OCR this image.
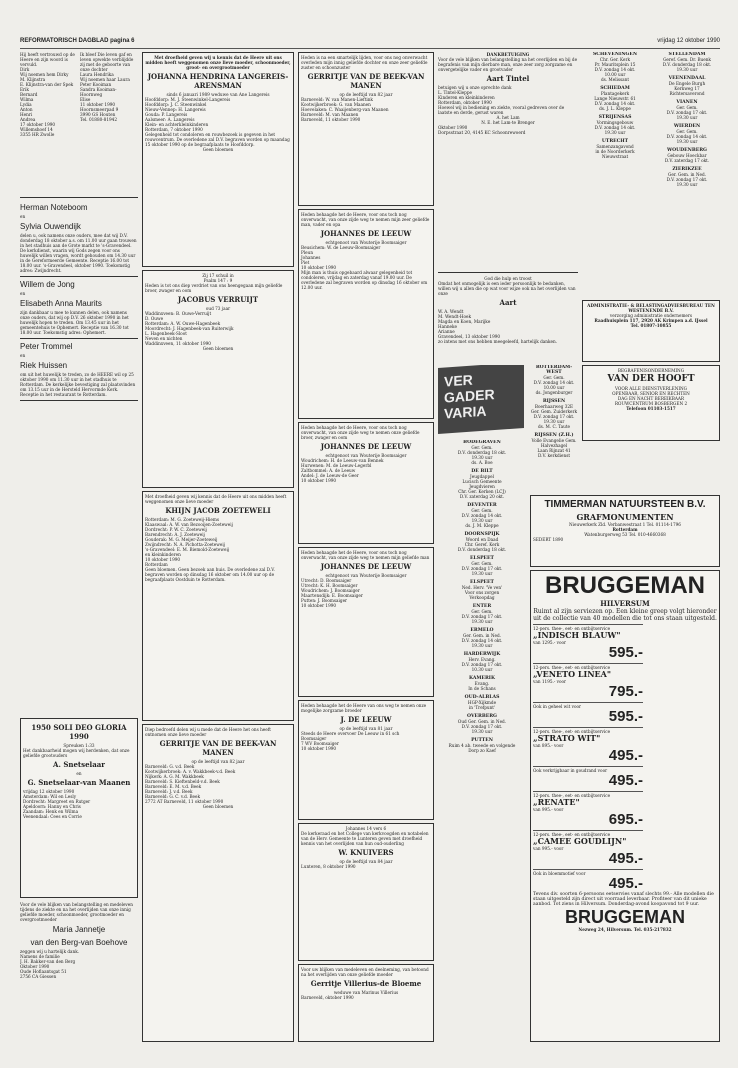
REFORMATORISCH DAGBLAD pagina 6	vrijdag 12 oktober 1990
Hij heeft vertrouwd op de Heere en zijn woord is vervuld.
Dirk
Wij noemen hem Dirky
M. Klijnstra
E. Klijnstra-van der Spek
Erik
Bernard
Wilma
Lydia
Anton
Henri
Andrea
17 oktober 1990
Willemshoef 14
3355 HR Zwolle
Ik bleef Die leven gaf en leven opwekte verblijdde zij met de geboorte van onze dochter
Laura Hendrika
Wij noemen haar Laura
Peter Kooiman
Sandra Kooiman-Hoornweg
Elise
11 oktober 1990
Hoornsmeerpad 9
3990 GS Houten
Tel. 01880-81942
Herman Noteboom
en
Sylvia Ouwendijk
delen u, ook namens onze ouders, mee dat wij D.V. donderdag 18 oktober a.s. om 11.00 uur gaan trouwen in het stadhuis aan de Grote markt te 's-Gravendeel. De kerkdienst, waarin wij Gods zegen voor ons huwelijk willen vragen, wordt gehouden om 14.30 uur in de Gereformeerde Gemeente. Receptie 16.00 tot 18.00 uur. 's-Gravendeel, oktober 1990. Toekomstig adres: Zwijndrecht.
Willem de Jong
en
Elisabeth Anna Maurits
zijn dankbaar u mee te kunnen delen, ook namens onze ouders, dat wij op D.V. 26 oktober 1990 in het huwelijk hopen te treden. Om 13.45 uur in het gemeentehuis te Ophemert. Receptie van 16.30 tot 18.00 uur. Toekomstig adres: Ophemert.
Peter Trommel
en
Riek Huissen
om uit het huwelijk te treden, zo de HEERE wil op 25 oktober 1990 om 11.30 uur in het stadhuis te Rotterdam. De kerkelijke bevestiging zal plaatsvinden om 13.15 uur in de Hersteld Hervormde Kerk. Receptie in het restaurant te Rotterdam.
1950 SOLI DEO GLORIA 1990
Spreuken 1:33
Het dankbaarheid mogen wij herdenken, dat onze geliefde grootouders
A. Snetselaar
en
G. Snetselaar-van Maanen
vrijdag 12 oktober 1990
Amsterdam: Wil en Lesly
Dordrecht: Margreet en Rutger
Apeldoorn: Hanny en Chris
Zaandam: Henk en Wilma
Veenendaal: Cees en Corrie
Voor de vele blijken van belangstelling en medeleven tijdens de ziekte en na het overlijden van onze innig geliefde moeder, schoonmoeder, grootmoeder en overgrootmoeder
Maria Jannetje
van den Berg-van Boehove
zeggen wij u hartelijk dank.
Namens de familie
J. H. Bakker-van den Berg
Oktober 1990
Oude Hoflaantsgat 51
2756 CA Giessen
Met droefheid geven wij u kennis dat de Heere uit ons midden heeft weggenomen onze lieve moeder, schoonmoeder, groot- en overgrootmoeder
JOHANNA HENDRINA LANGEREIS-ARENSMAN
sinds 6 januari 1989 weduwe van Ane Langereis
Hoofddorp: M. J. Steenwinkel-Langereis
Hoofddorp: J. C. Steenwinkel
Nieuw-Vennep: H. Langereis
Gouda: P. Langereis
Aalsmeer: A. Langereis
Klein- en achterkleinkinderen
Rotterdam, 7 oktober 1990
Gelegenheid tot condoleren en rouwbezoek is gegeven in het rouwcentrum. De overledene zal D.V. begraven worden op maandag 15 oktober 1990 op de begraafplaats te Hoofddorp.
Geen bloemen
Zij 17 schuil in
Psalm 147 : 9
Heden is tot ons diep verdriet van ons heengegaan mijn geliefde broer, zwager en oom
JACOBUS VERRUIJT
oud 73 jaar
Waddinxveen: B. Ouwe-Verruijt
D. Ouwe
Rotterdam: A. W. Ouwe-Hagenbeek
Moordrecht: J. Hagenbeek-van Ruiterwijk
L. Hagenbeek-Sloot
Neven en nichten
Waddinxveen, 11 oktober 1990
Geen bloemen
Met droefheid geven wij kennis dat de Heere uit ons midden heeft weggenomen onze lieve moeder
KHIJN JACOB ZOETEWELI
Rotterdam: M. G. Zoeteweij-Hiems
Klaaswaal: A. W. van Bezooijen-Zoeteweij
Dordrecht: P. W. C. Zoeteweij
Barendrecht: A. J. Zoeteweij
Gouderak: M. G. Meijer-Zoeteweij
Zwijndrecht: N. A. Pichotta-Zoeteweij
's-Gravendeel: E. M. Biemold-Zoeteweij
en kleinkinderen
10 oktober 1990
Rotterdam
Geen bloemen. Geen bezoek aan huis. De overledene zal D.V. begraven worden op dinsdag 16 oktober om 14.00 uur op de begraafplaats Oostduin te Rotterdam.
Diep bedroefd delen wij u mede dat de Heere het ons heeft ontnomen onze lieve moeder
GERRITJE VAN DE BEEK-VAN MANEN
op de leeftijd van 82 jaar
Barneveld: G. v.d. Beek
Kootwijkerbroek: A. v. Wakkbeek-v.d. Beek
Nijkerk: A. G. M. Wakkbeek
Barneveld: S. Kieftenbeld-v.d. Beek
Barneveld: E. M. v.d. Beek
Barneveld: J. v.d. Beek
Barneveld: G. C. v.d. Beek
2772 AT Barneveld, 11 oktober 1990
Geen bloemen
Heden is na een smartelijk lijden, voor ons nog onverwacht overleden mijn innig geliefde dochter en onze zeer geliefde zuster en schoonzuster
GERRITJE VAN DE BEEK-VAN MANEN
op de leeftijd van 82 jaar
Barneveld: W. van Manen-Lieftink
Kootwijkerbroek: G. van Maanen
Hoevelaken: C. Waaijenberg-van Maanen
Barneveld: M. van Maanen
Barneveld, 11 oktober 1990
Heden behaagde het de Heere, voor ons toch nog onverwacht, van onze zijde weg te nemen mijn zeer geliefde man, vader en opa
JOHANNES DE LEEUW
echtgenoot van Wouterije Boomsaiger
Beusichem: W. de Leeuw-Boomsaiger
Pleun
Johannes
Piet
10 oktober 1990
Mijn man is thuis opgebaard alwaar gelegenheid tot condoleren, vrijdag en zaterdag vanaf 19.00 uur. De overledene zal begraven worden op dinsdag 16 oktober om 12.00 uur.
Heden behaagde het de Heere, voor ons toch nog onverwacht, van onze zijde weg te nemen onze geliefde broer, zwager en oom
JOHANNES DE LEEUW
echtgenoot van Wouterije Boomsaiger
Woudrichem: H. de Leeuw-van Bennek
Hurwenen: M. de Leeuw-Legerbl
Zaltbommel: A. de Leeuw
Andel: J. de Leeuw-de Geer
10 oktober 1990
Heden behaagde het de Heere, voor ons toch nog onverwacht, van onze zijde weg te nemen mijn geliefde man
JOHANNES DE LEEUW
echtgenoot van Wouterije Boomsaiger
Utrecht: D. Boomsaiger
Utrecht: K. H. Boomsaiger
Woudrichem: J. Boomsaiger
Maartensdijk: E. Boomsaiger
Putten: J. Boomsaiger
10 oktober 1990
Heden behaagde het de Heere van ons weg te nemen onze mogelijke zorgzame broeder
J. DE LEEUW
op de leeftijd van 81 jaar
Steeds de Heere overvoer De Leeuw in 61 sch
Boomsaiger
7 WV Boomsaiger
10 oktober 1990
Johannes 14 vers 6
De kerkeraad en het College van kerkvoogden en notabelen van de Herv. Gemeente te Lunteren geven met droefheid kennis van het overlijden van hun oud-ouderling
W. KNUIVERS
op de leeftijd van 84 jaar
Lunteren, 8 oktober 1990
Voor uw blijken van medeleven en deelneming, van betoond na het overlijden van onze geliefde moeder
Gerritje Villerius-de Bloeme
weduwe van Marinus Villerius
Barneveld, oktober 1990
DANKBETUIGING
Voor de vele blijken van belangstelling na het overlijden en bij de begrafenis van mijn dierbare man, onze zeer zorg zorgzame en onvergetelijke vader en grootvader
Aart Tintel
betuigen wij u onze oprechte dank
L. Tintel-Kleppe
Kinderen en kleinkinderen
Rotterdam, oktober 1990
Hoewel wij in bediening en ziekte, vooral gedreven over de laatste en derde, gerust waren
A. het Lam
N. E. het Lam-te Brenger
Oktober 1990
Dorpsstraat 20, 4145 KC Schoonrewoerd
God die hulp en troost
Omdat het onmogelijk is een ieder persoonlijk te bedanken, willen wij u allen die op wat voor wijze ook na het overlijden van onze
Aart
W. A. Wendt
M. Wendt-Hoek
Magda en Koen, Marijke
Hanneke
Arianne
Gravendeel, 13 oktober 1990
zo intens met ons hebben meegeleefd, hartelijk danken.
VER
GADER
VARIA
ROTTERDAM-WEST
Ger. Gem.
D.V. zondag 14 okt.
10.00 uur
ds. Jongenburger
RIJSSEN
Boerhaarweg 32E
Ger. Gem. Zuiderkerk
D.V. zondag 17 okt.
19.30 uur
ds. M. C. Taute
RIJSSEN (Z.H.)
Volle Evangelie Gem.
Halvezhagel
Laan Rijnzat 41
D.V. kerkdienst
BODEGRAVEN
Ger. Gem.
D.V. donderdag 18 okt.
19.30 uur
ds. A. Boe
DE BILT
Jeugdappel
Lucisch Gemeente
Jeugdvieren
Chr. Ger. Kerken (LCJ)
D.V. zaterdag 20 okt.
DEVENTER
Ger. Gem.
D.V. zondag 14 okt.
19.30 uur
ds. J. M. Kleppe
DOORNSPIJK
Woord en Daad
Chr. Geref. Kerk
D.V. donderdag 18 okt.
ELSPEET
Ger. Gem.
D.V. zondag 17 okt.
19.30 uur
ELSPEET
Ned. Herv. 'Ve ven'
Voor ons zorgen
Verkoopdag
ENTER
Ger. Gem.
D.V. zondag 17 okt.
19.30 uur
ERMELO
Ger. Gem. in Ned.
D.V. zondag 14 okt.
19.30 uur
HARDERWIJK
Herv. Evang.
D.V. zondag 17 okt.
10.30 uur
KAMERIK
Evang.
In de Schans
OUD-ALBLAS
HGP-Xijkmde
in 'Trefpunt'
OVERBERG
Oud Ger. Gem. in Ned.
D.V. zondag 17 okt.
19.30 uur
PUTTEN
Ruim 4 ab. tweede en volgende
Dorp zo Kaef
SCHEVENINGEN
Chr. Ger. Kerk
Pr. Mauritsplein 15
D.V. zondag 14 okt.
10.00 uur
ds. Melissant
SCHIEDAM
Plantagekerk
Lange Nieuwstr. 61
D.V. zondag 14 okt.
ds. J. L. Kleppe
STRIJENSAS
Vormingsgebouw
D.V. zondag 14 okt.
19.30 uur
UTRECHT
Samenzangavond
in de Noorderkerk
Nieuwstraat
STELLENDAM
Geref. Gem. Dr. Buenk
D.V. donderdag 18 okt.
19.30 uur
VEENENDAAL
De Engele Burgh
Kerkweg 17
Richtersaverond
VIANEN
Ger. Gem.
D.V. zondag 17 okt.
19.30 uur
WIERDEN
Ger. Gem.
D.V. zondag 14 okt.
19.30 uur
WOUDENBERG
Gebouw Hoeckbar
D.V. zaterdag 17 okt.
ZIERIKZEE
Ger. Gem. in Ned.
D.V. zondag 17 okt.
19.30 uur
ADMINISTRATIE- & BELASTINGADVIESBUREAU TEN WESTENENDE B.V.
verzorging administratie ondernemers
Raadhuisplein 117, 2920 AK Krimpen a.d. IJssel
Tel. 01807-10855
BEGRAFENISONDERNEMING
VAN DER HOOFT
VOOR ALLE DIENSTVERLENING
OPENBAAR, SENIOR EN RECHTEN
DAG EN NACHT BEREIKBAAR
ROUWCENTRUM BOSBERGEN 2
Telefoon 01103-1517
TIMMERMAN NATUURSTEEN B.V.
GRAFMONUMENTEN
Nieuwerkerk Zld. Verbanwestraat 1 Tel. 01114-1796
Rotterdam
Watenburgerweg 53 Tel. 010-4660368
SEDERT 1890
BRUGGEMAN
HILVERSUM
Ruimt al zijn serviezen op. Een kleine greep volgt hieronder uit de collectie van 40 modellen die tot ons staan uitgesteld.
12-pers. thee-, eet- en ontbijtservice
„INDISCH BLAUW"
van 1295.- voor
595.-
12-pers. thee-, eet- en ontbijtservice
„VENETO LINEA"
van 1195.- voor
795.-
Ook in geheel wit voor
595.-
12-pers. thee-, eet- en ontbijtservice
„STRATO WIT"
van 895.- voor
495.-
Ook verkrijgbaar in goudrand voor
495.-
12-pers. thee-, eet- en ontbijtservice
„RENATE"
van 995.- voor
695.-
12-pers. thee-, eet- en ontbijtservice
„CAMEE GOUDLIJN"
van 995.- voor
495.-
Ook in bloemmotief voor
495.-
Tevens div. soorten 6-persoons eetservies vanaf slechts 99.- Alle modellen die staan uitgesteld zijn direct uit voorraad leverbaar. Profiteer van dit unieke aanbod. Tot ziens in Hilversum. Donderdag-avond koopavond tot 9 uur.
BRUGGEMAN
Nezweg 24, Hilversum. Tel. 035-217832
